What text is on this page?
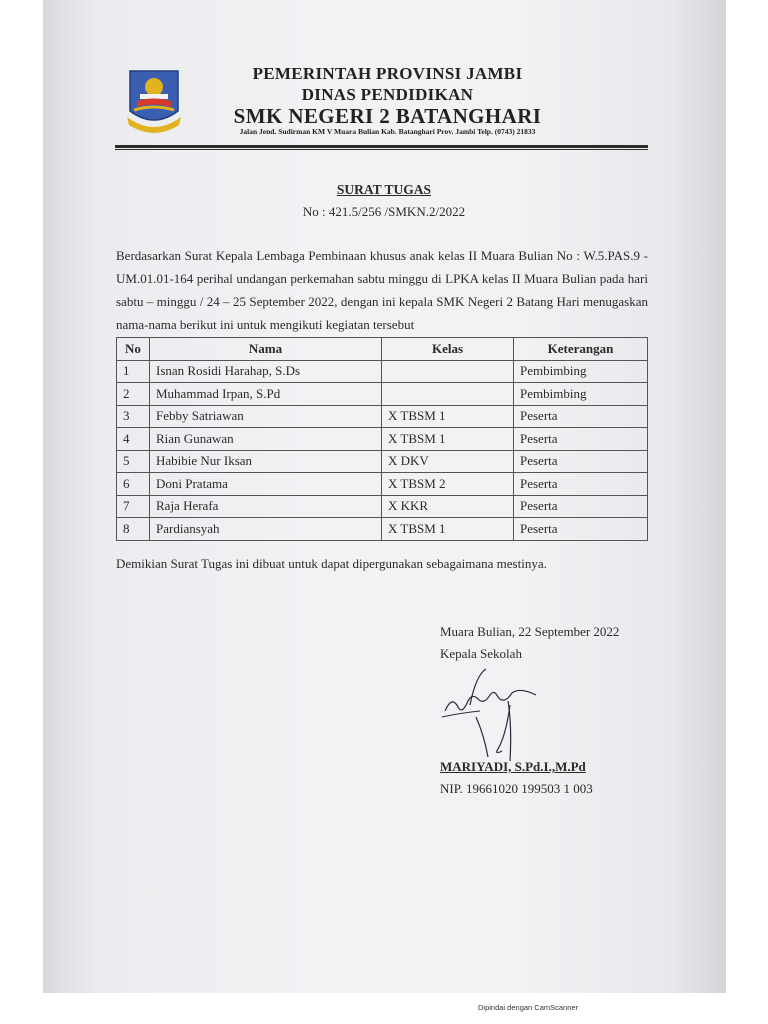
PEMERINTAH PROVINSI JAMBI
DINAS PENDIDIKAN
SMK NEGERI 2 BATANGHARI
Jalan Jend. Sudirman KM V Muara Bulian Kab. Batanghari Prov. Jambi Telp. (0743) 21833
SURAT TUGAS
No : 421.5/256 /SMKN.2/2022
Berdasarkan Surat Kepala Lembaga Pembinaan khusus anak kelas II Muara Bulian No : W.5.PAS.9 - UM.01.01-164 perihal undangan perkemahan sabtu minggu di LPKA kelas II Muara Bulian pada hari sabtu – minggu / 24 – 25 September 2022, dengan ini kepala SMK Negeri 2 Batang Hari menugaskan nama-nama berikut ini untuk mengikuti kegiatan tersebut
No	Nama	Kelas	Keterangan
1	Isnan Rosidi Harahap, S.Ds		Pembimbing
2	Muhammad Irpan, S.Pd		Pembimbing
3	Febby Satriawan	X TBSM 1	Peserta
4	Rian Gunawan	X TBSM 1	Peserta
5	Habibie Nur Iksan	X DKV	Peserta
6	Doni Pratama	X TBSM 2	Peserta
7	Raja Herafa	X KKR	Peserta
8	Pardiansyah	X TBSM 1	Peserta
Demikian Surat Tugas ini dibuat untuk dapat dipergunakan sebagaimana mestinya.
Muara Bulian, 22 September 2022
Kepala Sekolah
MARIYADI, S.Pd.I.,M.Pd
NIP. 19661020 199503 1 003
Dipindai dengan CamScanner
